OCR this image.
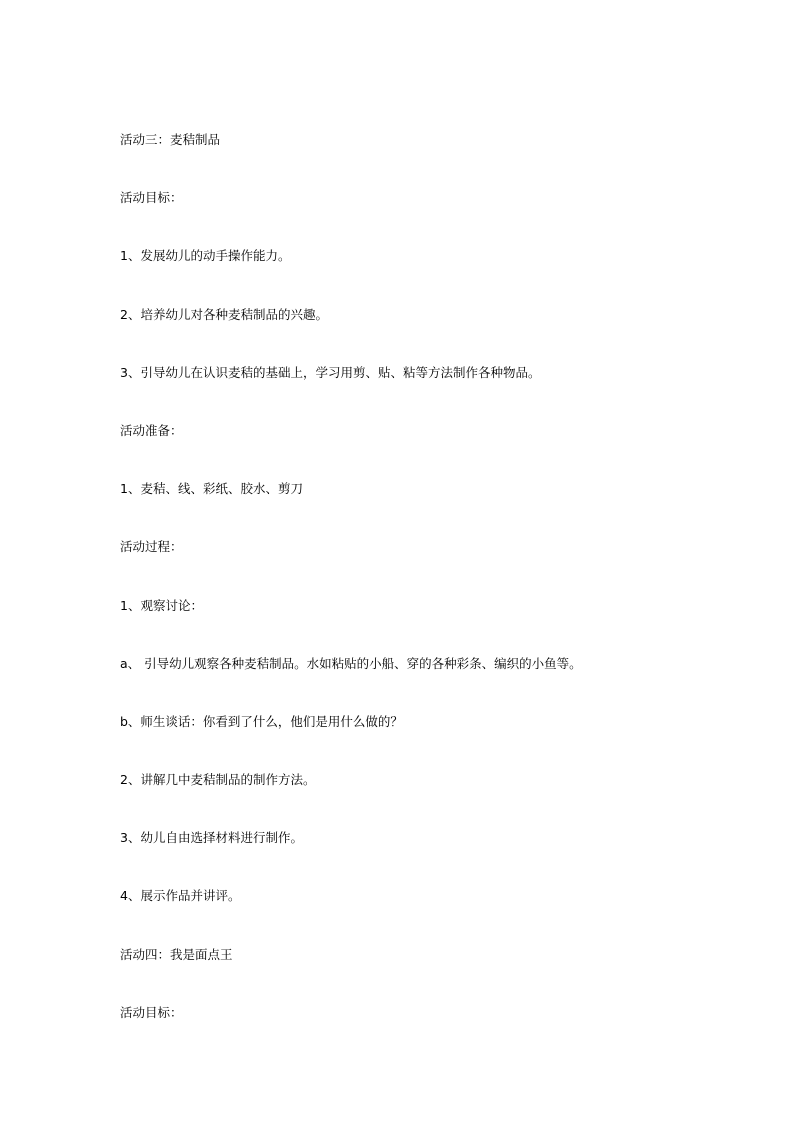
活动三：麦秸制品
活动目标：
1、发展幼儿的动手操作能力。
2、培养幼儿对各种麦秸制品的兴趣。
3、引导幼儿在认识麦秸的基础上，学习用剪、贴、粘等方法制作各种物品。
活动准备：
1、麦秸、线、彩纸、胶水、剪刀
活动过程：
1、观察讨论：
a、 引导幼儿观察各种麦秸制品。水如粘贴的小船、穿的各种彩条、编织的小鱼等。
b、师生谈话：你看到了什么，他们是用什么做的？
2、讲解几中麦秸制品的制作方法。
3、幼儿自由选择材料进行制作。
4、展示作品并讲评。
活动四：我是面点王
活动目标：
